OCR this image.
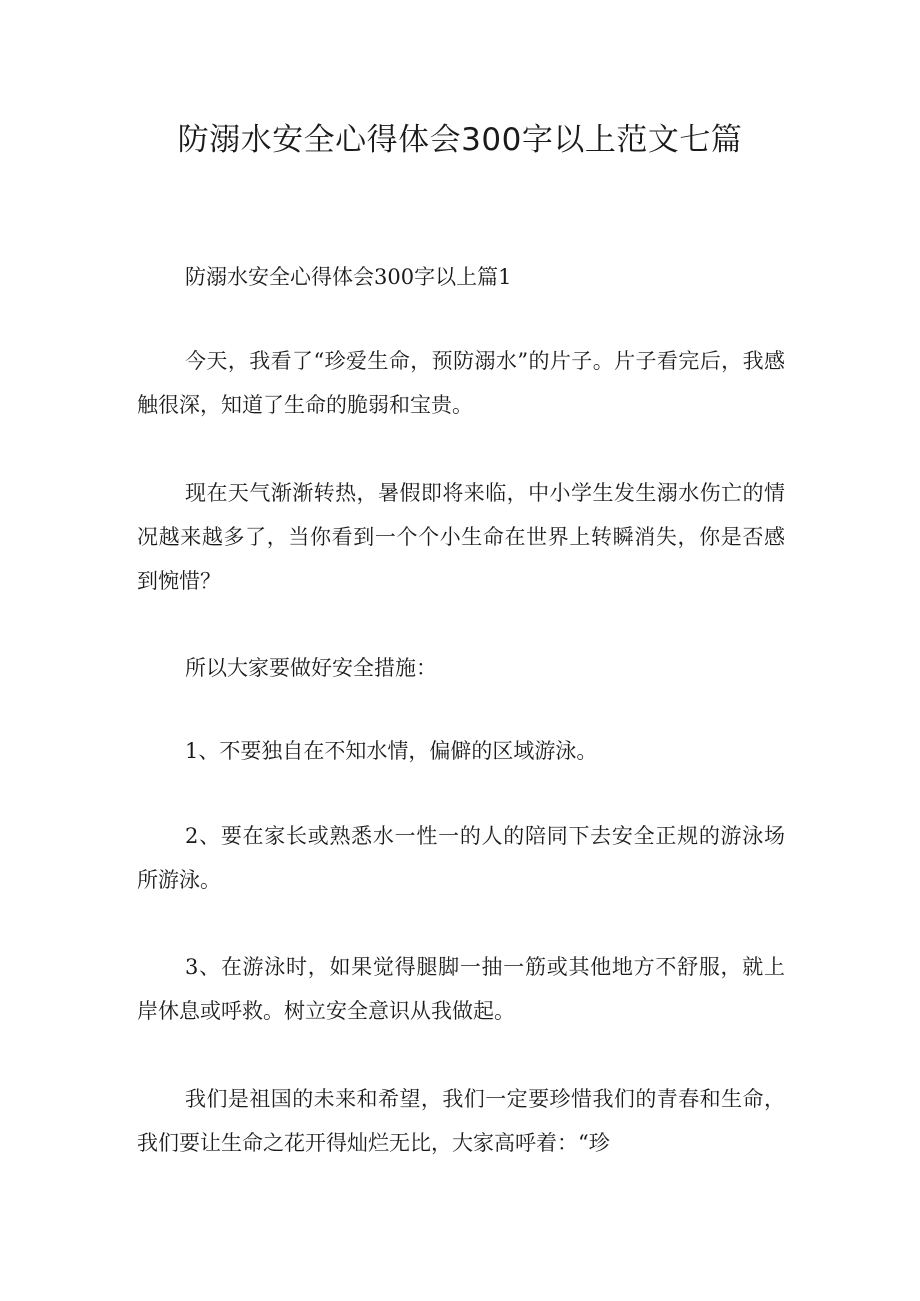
防溺水安全心得体会300字以上范文七篇

防溺水安全心得体会300字以上篇1

今天，我看了“珍爱生命，预防溺水”的片子。片子看完后，我感触很深，知道了生命的脆弱和宝贵。

现在天气渐渐转热，暑假即将来临，中小学生发生溺水伤亡的情况越来越多了，当你看到一个个小生命在世界上转瞬消失，你是否感到惋惜？

所以大家要做好安全措施：

1、不要独自在不知水情，偏僻的区域游泳。

2、要在家长或熟悉水一性一的人的陪同下去安全正规的游泳场所游泳。

3、在游泳时，如果觉得腿脚一抽一筋或其他地方不舒服，就上岸休息或呼救。树立安全意识从我做起。

我们是祖国的未来和希望，我们一定要珍惜我们的青春和生命，我们要让生命之花开得灿烂无比，大家高呼着：“珍
